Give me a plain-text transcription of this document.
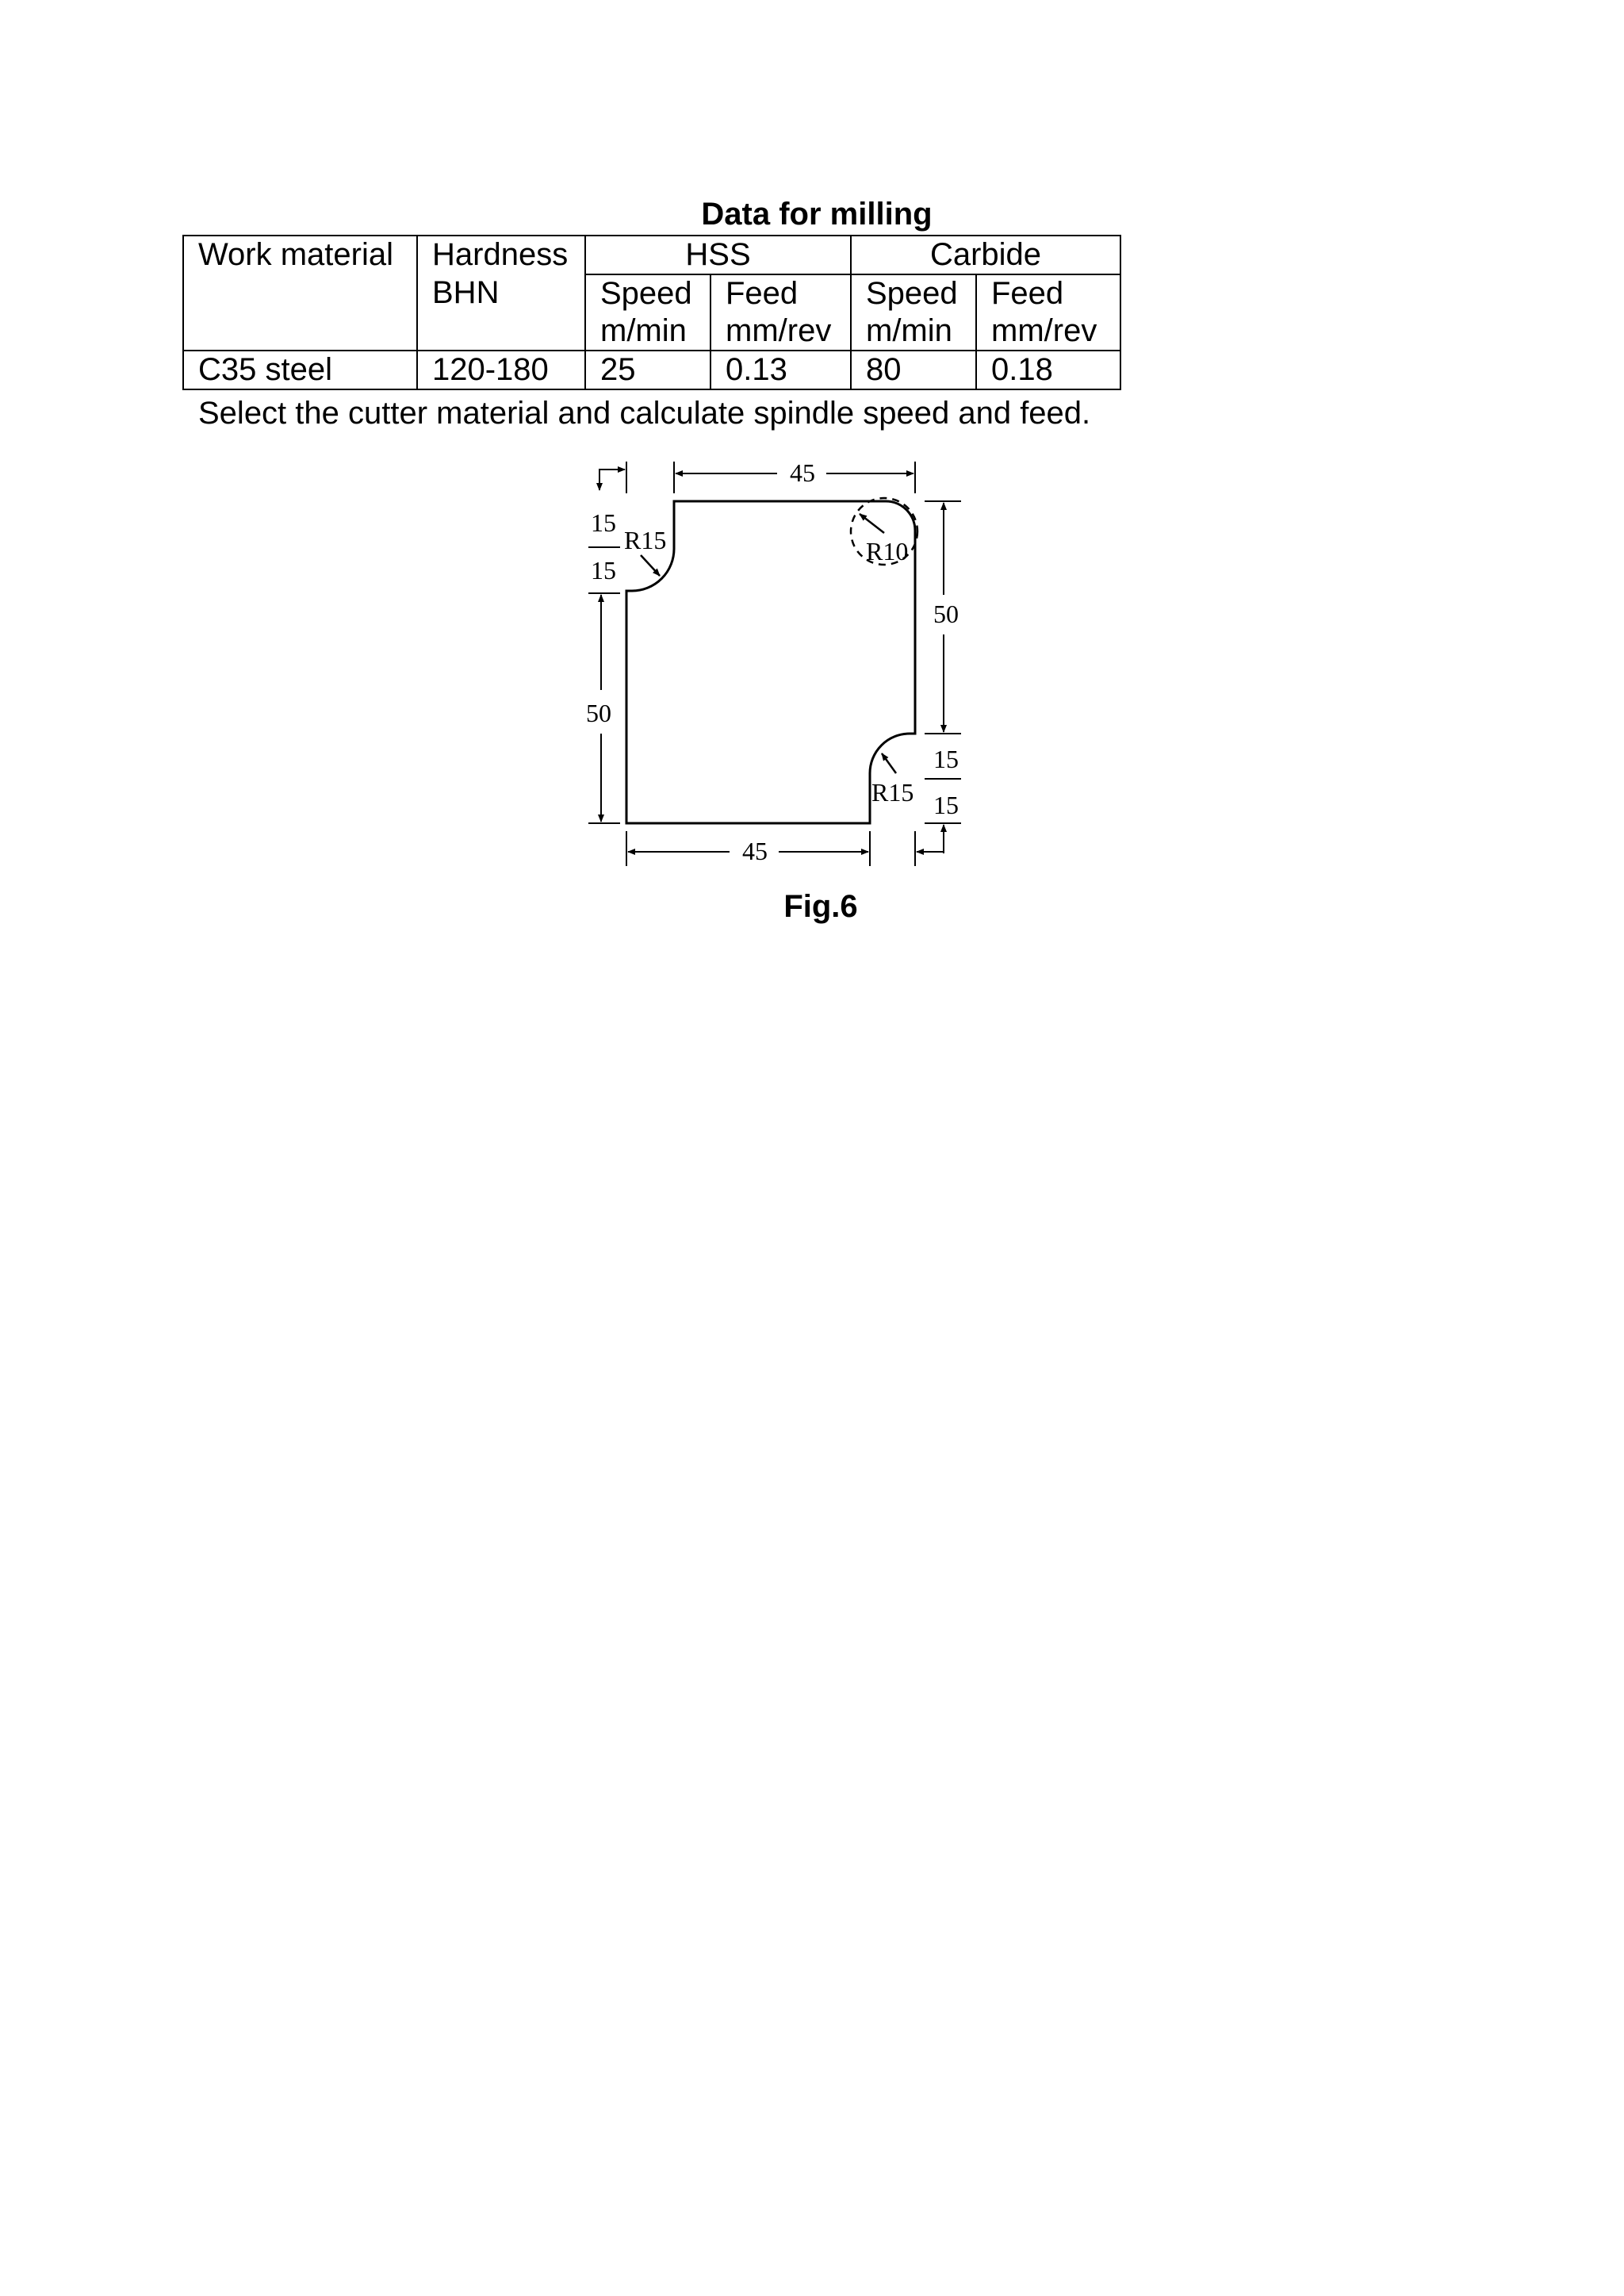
Data for milling
Work material	Hardness	HSS		Carbide	
	BHN	Speed	Feed	Speed	Feed
		m/min	mm/rev	m/min	mm/rev
C35 steel	120-180	25	0.13	80	0.18
Select the cutter material and calculate spindle speed and feed.
45
45
50
50
15
15
R15	R10
R15
15
15
Fig.6
